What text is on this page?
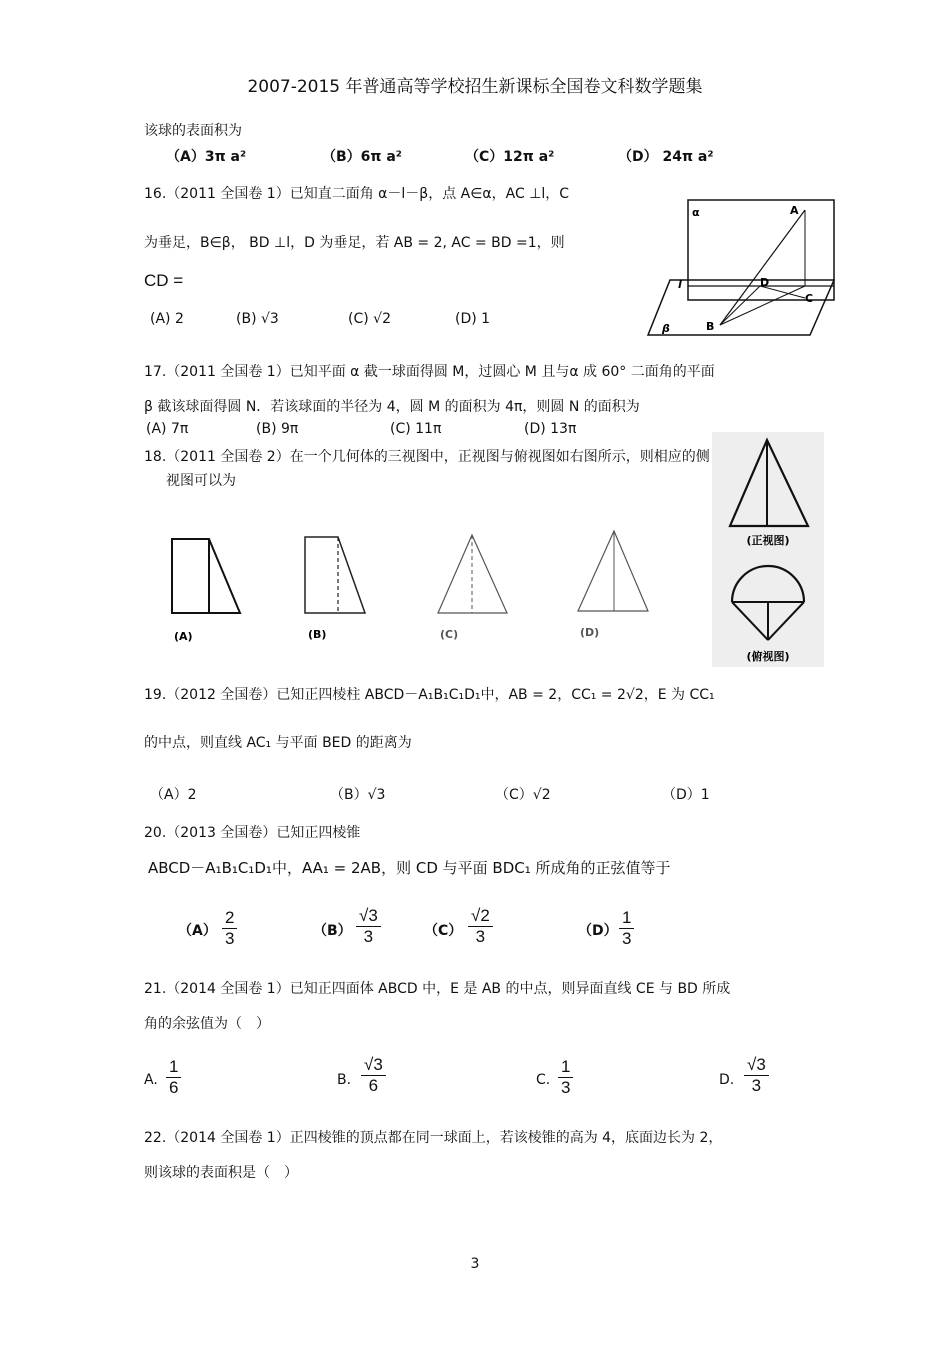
2007-2015 年普通高等学校招生新课标全国卷文科数学题集
该球的表面积为
（A）3π a²	（B）6π a²	（C）12π a²	（D） 24π a²
16.（2011 全国卷 1）已知直二面角 α－l－β，点 A∈α，AC ⊥l，C
为垂足，B∈β， BD ⊥l，D 为垂足，若 AB = 2, AC = BD =1，则
CD =
(A) 2	(B) √3	(C) √2	(D) 1
α	A
D
C
B
l
β
17.（2011 全国卷 1）已知平面 α 截一球面得圆 M，过圆心 M 且与α 成 60° 二面角的平面
β 截该球面得圆 N．若该球面的半径为 4，圆 M 的面积为 4π，则圆 N 的面积为
(A) 7π	(B) 9π	(C) 11π	(D) 13π
18.（2011 全国卷 2）在一个几何体的三视图中，正视图与俯视图如右图所示，则相应的侧
视图可以为
(A)	(B)	(C)	(D)
(正视图)
(俯视图)
19.（2012 全国卷）已知正四棱柱 ABCD－A₁B₁C₁D₁中，AB = 2，CC₁ = 2√2，E 为 CC₁
的中点，则直线 AC₁ 与平面 BED 的距离为
（A）2	（B）√3	（C）√2	（D）1
20.（2013 全国卷）已知正四棱锥
ABCD－A₁B₁C₁D₁中，AA₁ = 2AB，则 CD 与平面 BDC₁ 所成角的正弦值等于
$(A) \frac{2}{3}$	$(B) \frac{√3}{3}$	$(C) \frac{√2}{3}$	$(D) \frac{1}{3}$
21.（2014 全国卷 1）已知正四面体 ABCD 中，E 是 AB 的中点，则异面直线 CE 与 BD 所成
角的余弦值为（　）
A. $\frac{1}{6}$	B. $\frac{√3}{6}$	C. $\frac{1}{3}$	D. $\frac{√3}{3}$
22.（2014 全国卷 1）正四棱锥的顶点都在同一球面上，若该棱锥的高为 4，底面边长为 2，
则该球的表面积是（　）
3
